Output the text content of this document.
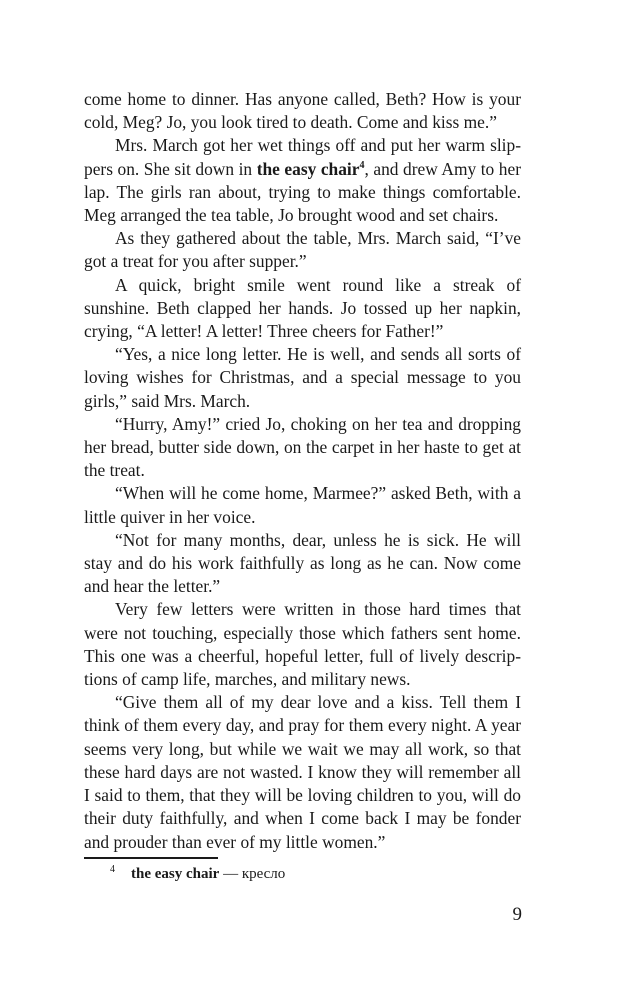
come home to dinner. Has anyone called, Beth? How is your cold, Meg? Jo, you look tired to death. Come and kiss me.”

Mrs. March got her wet things off and put her warm slippers on. She sit down in the easy chair$^4$, and drew Amy to her lap. The girls ran about, trying to make things comfortable. Meg arranged the tea table, Jo brought wood and set chairs.

As they gathered about the table, Mrs. March said, “I’ve got a treat for you after supper.”

A quick, bright smile went round like a streak of sunshine. Beth clapped her hands. Jo tossed up her napkin, crying, “A letter! A letter! Three cheers for Father!”

“Yes, a nice long letter. He is well, and sends all sorts of loving wishes for Christmas, and a special message to you girls,” said Mrs. March.

“Hurry, Amy!” cried Jo, choking on her tea and dropping her bread, butter side down, on the carpet in her haste to get at the treat.

“When will he come home, Marmee?” asked Beth, with a little quiver in her voice.

“Not for many months, dear, unless he is sick. He will stay and do his work faithfully as long as he can. Now come and hear the letter.”

Very few letters were written in those hard times that were not touching, especially those which fathers sent home. This one was a cheerful, hopeful letter, full of lively descriptions of camp life, marches, and military news.

“Give them all of my dear love and a kiss. Tell them I think of them every day, and pray for them every night. A year seems very long, but while we wait we may all work, so that these hard days are not wasted. I know they will remember all I said to them, that they will be loving children to you, will do their duty faithfully, and when I come back I may be fonder and prouder than ever of my little women.”

$^4$ the easy chair — кресло
9
